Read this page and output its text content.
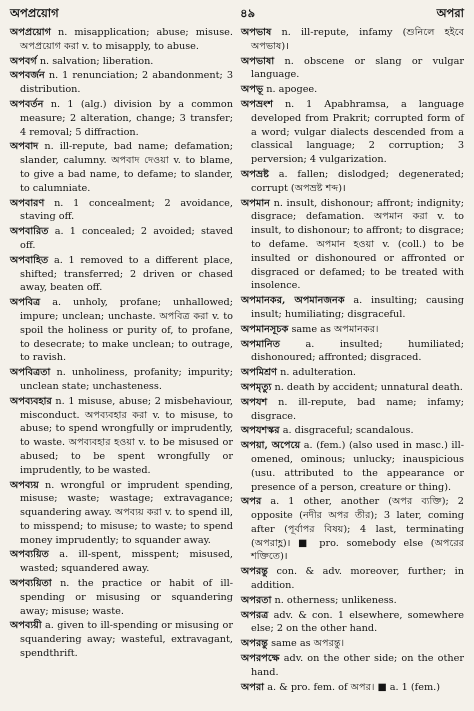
অপপ্রয়োগ	৪৯	অপরা

অপপ্রয়োগ n. misapplication; abuse; misuse. অপপ্রয়োগ করা v. to misapply, to abuse.

অপবর্গ n. salvation; liberation.

অপবর্জন n. 1 renunciation; 2 abandonment; 3 distribution.

অপবর্তন n. 1 (alg.) division by a common measure; 2 alteration, change; 3 transfer; 4 removal; 5 diffraction.

অপবাদ n. ill-repute, bad name; defamation; slander, calumny. অপবাদ দেওয়া v. to blame, to give a bad name, to defame; to slander, to calumniate.

অপবারণ n. 1 concealment; 2 avoidance, staving off.

অপবারিত a. 1 concealed; 2 avoided; staved off.

অপবাহিত a. 1 removed to a different place, shifted; transferred; 2 driven or chased away, beaten off.

অপবিত্র a. unholy, profane; unhallowed; impure; unclean; unchaste. অপবিত্র করা v. to spoil the holiness or purity of, to profane, to desecrate; to make unclean; to outrage, to ravish.

অপবিত্রতা n. unholiness, profanity; impurity; unclean state; unchasteness.

অপব্যবহার n. 1 misuse, abuse; 2 misbehaviour, misconduct. অপব্যবহার করা v. to misuse, to abuse; to spend wrongfully or imprudently, to waste. অপব্যবহার হওয়া v. to be misused or abused; to be spent wrongfully or imprudently, to be wasted.

অপব্যয় n. wrongful or imprudent spending, misuse; waste; wastage; extravagance; squandering away. অপব্যয় করা v. to spend ill, to misspend; to misuse; to waste; to spend money imprudently; to squander away.

অপব্যয়িত a. ill-spent, misspent; misused, wasted; squandered away.

অপব্যয়িতা n. the practice or habit of ill-spending or misusing or squandering away; misuse; waste.

অপব্যয়ী a. given to ill-spending or misusing or squandering away; wasteful, extravagant, spendthrift.

অপভাষ n. ill-repute, infamy (শুনিলে হইবে অপভাষ)।

অপভাষা n. obscene or slang or vulgar language.

অপভূ n. apogee.

অপভ্রংশ n. 1 Apabhramsa, a language developed from Prakrit; corrupted form of a word; vulgar dialects descended from a classical language; 2 corruption; 3 perversion; 4 vulgarization.

অপভ্রষ্ট a. fallen; dislodged; degenerated; corrupt (অপভ্রষ্ট শব্দ)।

অপমান n. insult, dishonour; affront; indignity; disgrace; defamation. অপমান করা v. to insult, to dishonour; to affront; to disgrace; to defame. অপমান হওয়া v. (coll.) to be insulted or dishonoured or affronted or disgraced or defamed; to be treated with insolence.

অপমানকর, অপমানজনক a. insulting; causing insult; humiliating; disgraceful.

অপমানসূচক same as অপমানকর।

অপমানিত	a. insulted; humiliated; dishonoured; affronted; disgraced.

অপমিশ্রণ n. adulteration.

অপমৃত্যু n. death by accident; unnatural death.

অপযশ n. ill-repute, bad name; infamy; disgrace.

অপযশস্কর a. disgraceful; scandalous.

অপয়া, অপেয়ে a. (fem.) (also used in masc.) ill-omened, ominous; unlucky; inauspicious (usu. attributed to the appearance or presence of a person, creature or thing).

অপর a. 1 other, another (অপর ব্যক্তি); 2 opposite (নদীর অপর তীর); 3 later, coming after (পূর্বাপর বিষয়); 4 last, terminating (অপরাহ্ণ)। ■ pro. somebody else (অপরের শক্তিতে)।

অপরন্তু con. & adv. moreover, further; in addition.

অপরতা n. otherness; unlikeness.

অপরত্র adv. & con. 1 elsewhere, somewhere else; 2 on the other hand.

অপরন্তু same as অপরন্তু।

অপরপক্ষে adv. on the other side; on the other hand.

অপরা a. & pro. fem. of অপর। ■ a. 1 (fem.)
